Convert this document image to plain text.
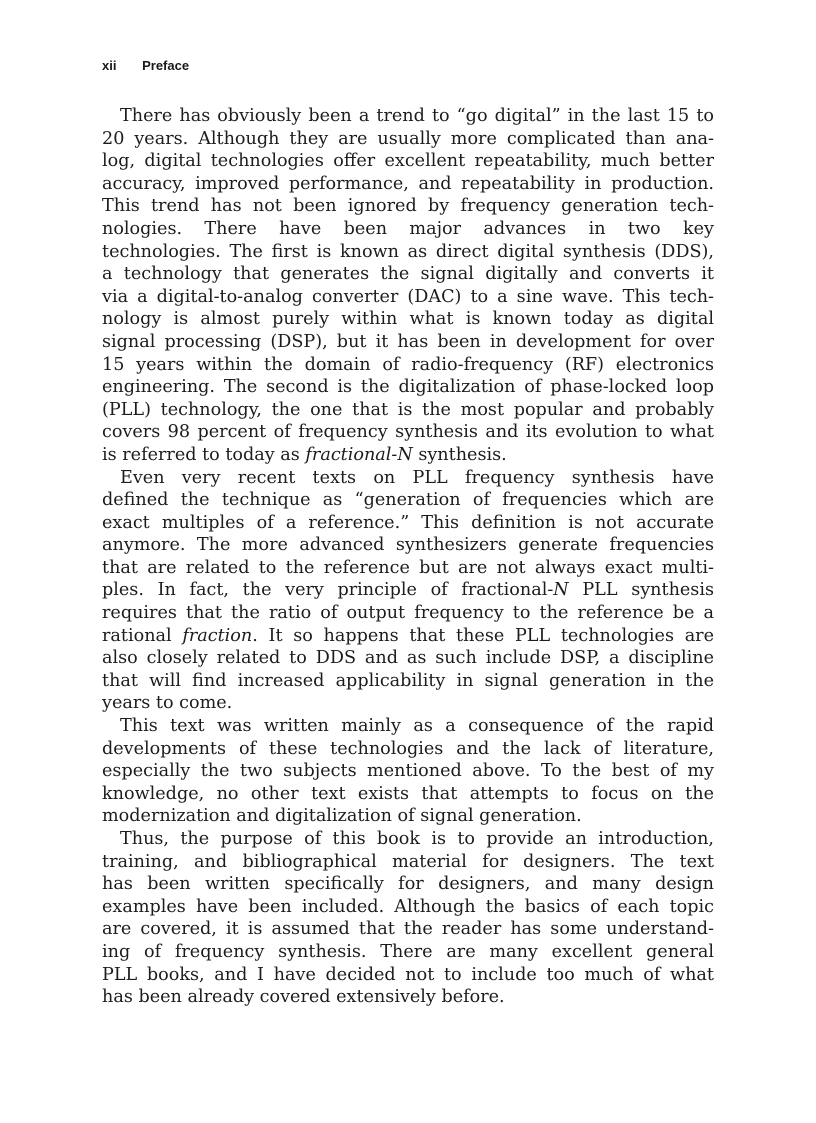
xii Preface
There has obviously been a trend to “go digital” in the last 15 to
20 years. Although they are usually more complicated than ana-
log, digital technologies offer excellent repeatability, much better
accuracy, improved performance, and repeatability in production.
This trend has not been ignored by frequency generation tech-
nologies. There have been major advances in two key
technologies. The first is known as direct digital synthesis (DDS),
a technology that generates the signal digitally and converts it
via a digital-to-analog converter (DAC) to a sine wave. This tech-
nology is almost purely within what is known today as digital
signal processing (DSP), but it has been in development for over
15 years within the domain of radio-frequency (RF) electronics
engineering. The second is the digitalization of phase-locked loop
(PLL) technology, the one that is the most popular and probably
covers 98 percent of frequency synthesis and its evolution to what
is referred to today as fractional-N synthesis.
Even very recent texts on PLL frequency synthesis have
defined the technique as “generation of frequencies which are
exact multiples of a reference.” This definition is not accurate
anymore. The more advanced synthesizers generate frequencies
that are related to the reference but are not always exact multi-
ples. In fact, the very principle of fractional-N PLL synthesis
requires that the ratio of output frequency to the reference be a
rational fraction. It so happens that these PLL technologies are
also closely related to DDS and as such include DSP, a discipline
that will find increased applicability in signal generation in the
years to come.
This text was written mainly as a consequence of the rapid
developments of these technologies and the lack of literature,
especially the two subjects mentioned above. To the best of my
knowledge, no other text exists that attempts to focus on the
modernization and digitalization of signal generation.
Thus, the purpose of this book is to provide an introduction,
training, and bibliographical material for designers. The text
has been written specifically for designers, and many design
examples have been included. Although the basics of each topic
are covered, it is assumed that the reader has some understand-
ing of frequency synthesis. There are many excellent general
PLL books, and I have decided not to include too much of what
has been already covered extensively before.
